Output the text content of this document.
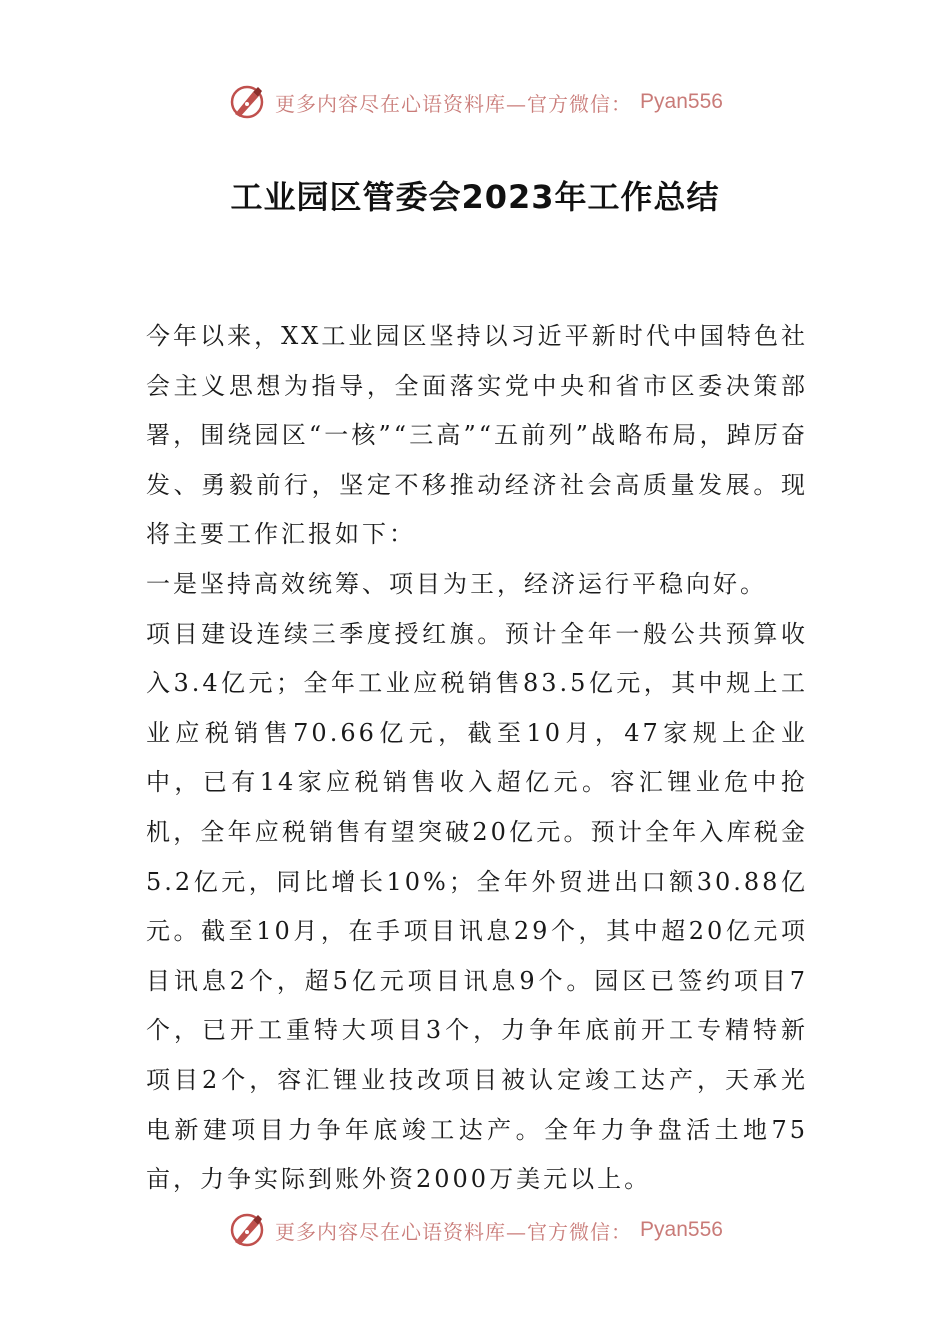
更多内容尽在心语资料库—官方微信： Pyan556
工业园区管委会2023年工作总结

今年以来，XX工业园区坚持以习近平新时代中国特色社会主义思想为指导，全面落实党中央和省市区委决策部署，围绕园区“一核”“三高”“五前列”战略布局，踔厉奋发、勇毅前行，坚定不移推动经济社会高质量发展。现将主要工作汇报如下：

一是坚持高效统筹、项目为王，经济运行平稳向好。

项目建设连续三季度授红旗。预计全年一般公共预算收入3.4亿元；全年工业应税销售83.5亿元，其中规上工业应税销售70.66亿元，截至10月，47家规上企业中，已有14家应税销售收入超亿元。容汇锂业危中抢机，全年应税销售有望突破20亿元。预计全年入库税金5.2亿元，同比增长10%；全年外贸进出口额30.88亿元。截至10月，在手项目讯息29个，其中超20亿元项目讯息2个，超5亿元项目讯息9个。园区已签约项目7个，已开工重特大项目3个，力争年底前开工专精特新项目2个，容汇锂业技改项目被认定竣工达产，天承光电新建项目力争年底竣工达产。全年力争盘活土地75亩，力争实际到账外资2000万美元以上。

更多内容尽在心语资料库—官方微信： Pyan556
